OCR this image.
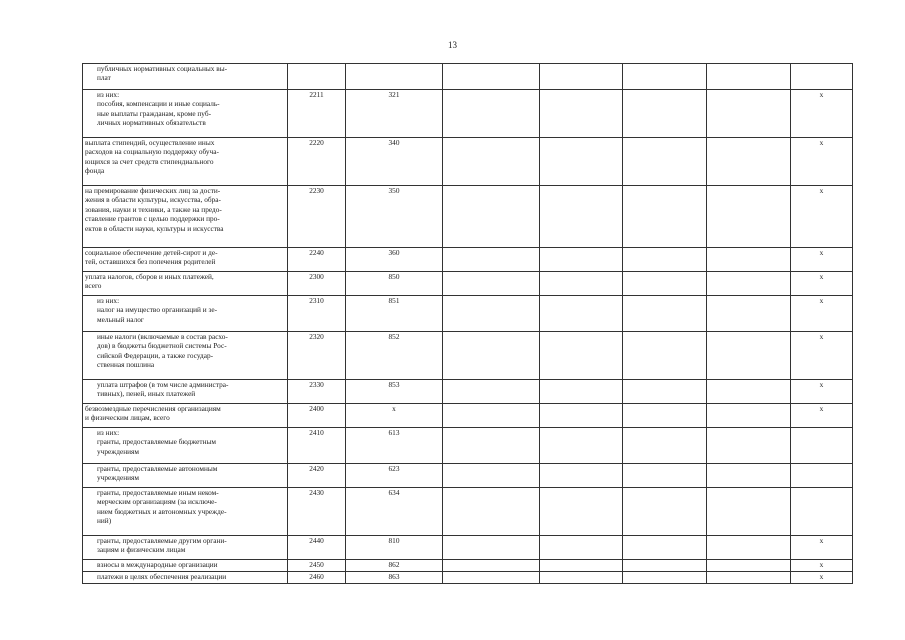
13
публичных нормативных социальных вы-
плат							

из них:
пособия, компенсации и иные социаль-
ные выплаты гражданам, кроме пуб-
личных нормативных обязательств	2211	321					x

выплата стипендий, осуществление иных
расходов на социальную поддержку обуча-
ющихся за счет средств стипендиального
фонда	2220	340					x

на премирование физических лиц за дости-
жения в области культуры, искусства, обра-
зования, науки и техники, а также на предо-
ставление грантов с целью поддержки про-
ектов в области науки, культуры и искусства	2230	350					x

социальное обеспечение детей-сирот и де-
тей, оставшихся без попечения родителей	2240	360					x

уплата налогов, сборов и иных платежей,
всего	2300	850					x

из них:
налог на имущество организаций и зе-
мельный налог	2310	851					x

иные налоги (включаемые в состав расхо-
дов) в бюджеты бюджетной системы Рос-
сийской Федерации, а также государ-
ственная пошлина	2320	852					x

уплата штрафов (в том числе администра-
тивных), пеней, иных платежей	2330	853					x

безвозмездные перечисления организациям
и физическим лицам, всего	2400	x					x

из них:
гранты, предоставляемые бюджетным
учреждениям	2410	613					

гранты, предоставляемые автономным
учреждениям	2420	623					

гранты, предоставляемые иным неком-
мерческим организациям (за исключе-
нием бюджетных и автономных учрежде-
ний)	2430	634					

гранты, предоставляемые другим органи-
зациям и физическим лицам	2440	810					x

взносы в международные организации	2450	862					x

платежи в целях обеспечения реализации	2460	863					x
